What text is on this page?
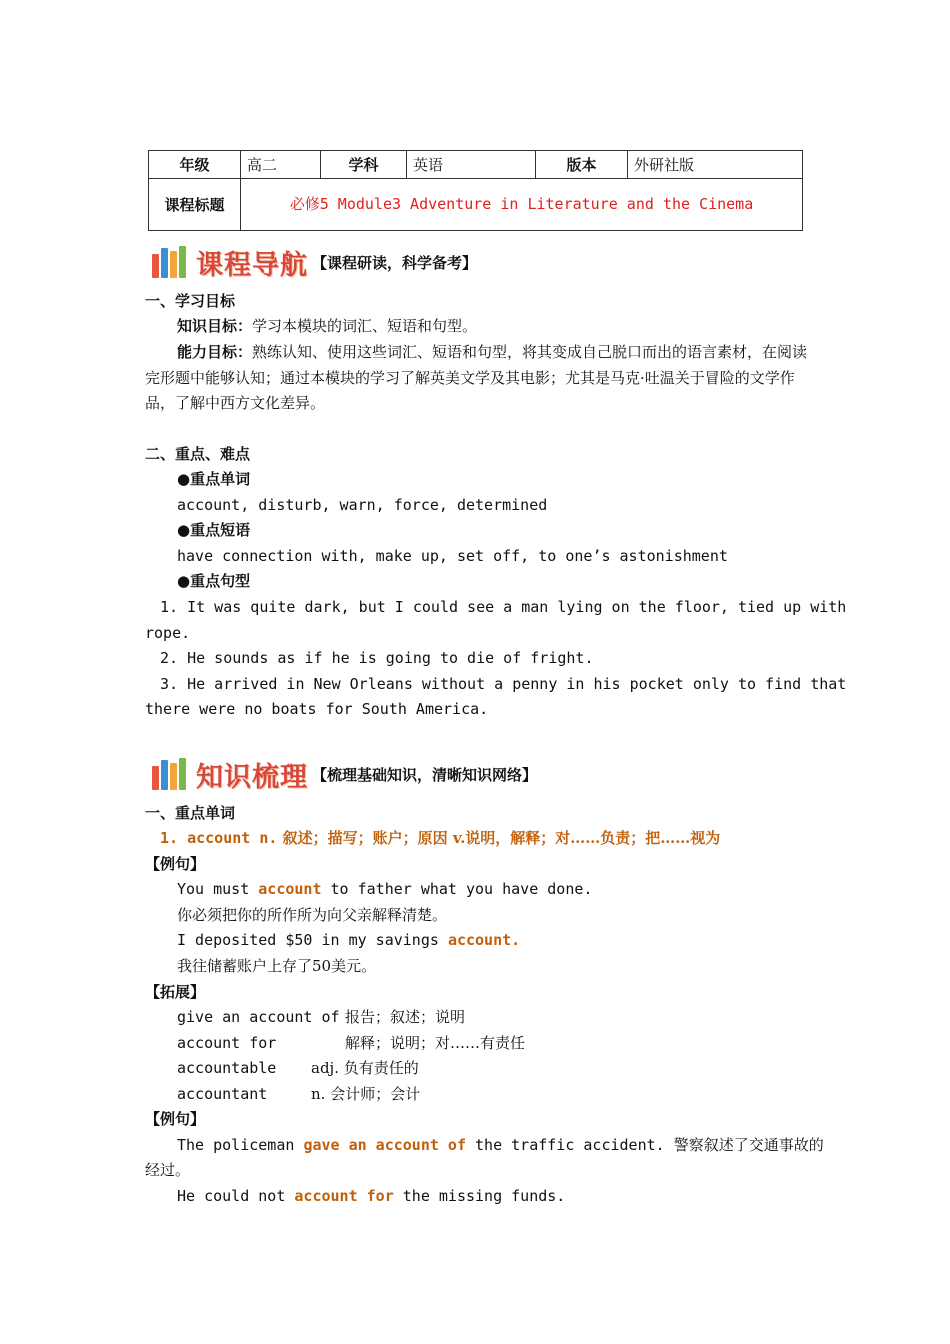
年级	高二	学科	英语	版本	外研社版
课程标题	必修5 Module3 Adventure in Literature and the Cinema				
课程导航 【课程研读，科学备考】
一、学习目标
知识目标：学习本模块的词汇、短语和句型。
能力目标：熟练认知、使用这些词汇、短语和句型，将其变成自己脱口而出的语言素材，在阅读完形题中能够认知；通过本模块的学习了解英美文学及其电影；尤其是马克·吐温关于冒险的文学作品，了解中西方文化差异。
二、重点、难点
●重点单词
account, disturb, warn, force, determined
●重点短语
have connection with, make up, set off, to one’s astonishment
●重点句型
1. It was quite dark, but I could see a man lying on the floor, tied up with
rope.
2. He sounds as if he is going to die of fright.
3. He arrived in New Orleans without a penny in his pocket only to find that
there were no boats for South America.
知识梳理 【梳理基础知识，清晰知识网络】
一、重点单词
1. account n. 叙述；描写；账户；原因 v.说明，解释；对……负责；把……视为
【例句】
You must account to father what you have done.
你必须把你的所作所为向父亲解释清楚。
I deposited $50 in my savings account.
我往储蓄账户上存了50美元。
【拓展】
give an account of 报告；叙述；说明
account for	解释；说明；对……有责任
accountable adj. 负有责任的
accountant	n. 会计师；会计
【例句】
The policeman gave an account of the traffic accident. 警察叙述了交通事故的
经过。
He could not account for the missing funds.
